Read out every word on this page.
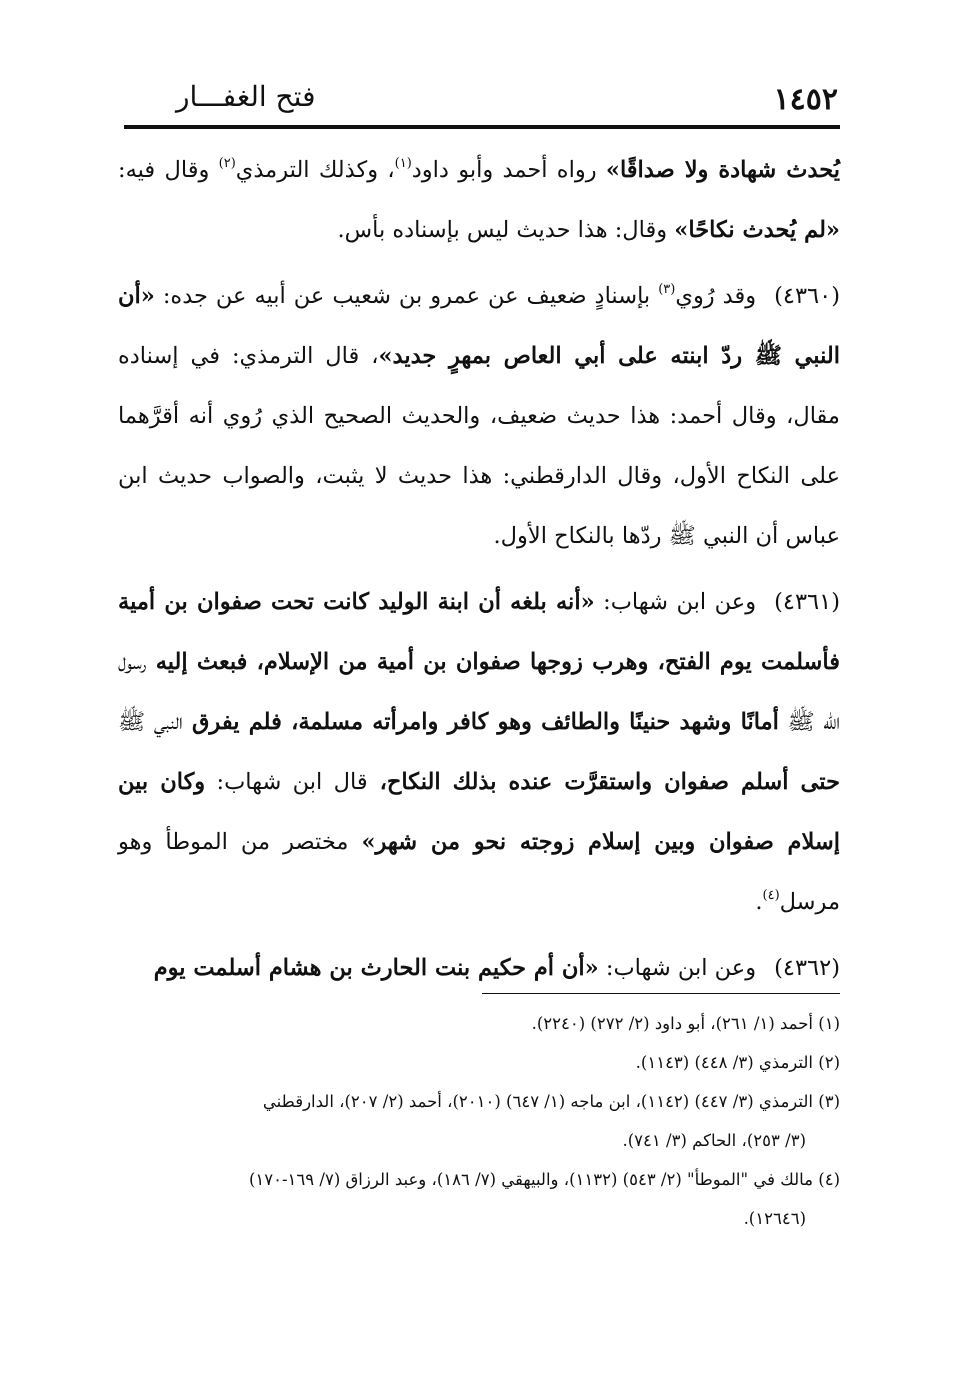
١٤٥٢
فتح الغفـــار

يُحدث شهادة ولا صداقًا» رواه أحمد وأبو داود$^{(١)}$، وكذلك الترمذي$^{(٢)}$ وقال فيه: «لم يُحدث نكاحًا» وقال: هذا حديث ليس بإسناده بأس.

(٤٣٦٠)وقد رُوي$^{(٣)}$ بإسنادٍ ضعيف عن عمرو بن شعيب عن أبيه عن جده: «أن النبي ﷺ ردّ ابنته على أبي العاص بمهرٍ جديد»، قال الترمذي: في إسناده مقال، وقال أحمد: هذا حديث ضعيف، والحديث الصحيح الذي رُوي أنه أقرَّهما على النكاح الأول، وقال الدارقطني: هذا حديث لا يثبت، والصواب حديث ابن عباس أن النبي ﷺ ردّها بالنكاح الأول.

(٤٣٦١)وعن ابن شهاب: «أنه بلغه أن ابنة الوليد كانت تحت صفوان بن أمية فأسلمت يوم الفتح، وهرب زوجها صفوان بن أمية من الإسلام، فبعث إليه رسول الله ﷺ أمانًا وشهد حنينًا والطائف وهو كافر وامرأته مسلمة، فلم يفرق النبي ﷺ حتى أسلم صفوان واستقرَّت عنده بذلك النكاح، قال ابن شهاب: وكان بين إسلام صفوان وبين إسلام زوجته نحو من شهر» مختصر من الموطأ وهو مرسل$^{(٤)}$.

(٤٣٦٢)وعن ابن شهاب: «أن أم حكيم بنت الحارث بن هشام أسلمت يوم

(١) أحمد (١/ ٢٦١)، أبو داود (٢/ ٢٧٢) (٢٢٤٠).

(٢) الترمذي (٣/ ٤٤٨) (١١٤٣).

(٣) الترمذي (٣/ ٤٤٧) (١١٤٢)، ابن ماجه (١/ ٦٤٧) (٢٠١٠)، أحمد (٢/ ٢٠٧)، الدارقطني

(٣/ ٢٥٣)، الحاكم (٣/ ٧٤١).

(٤) مالك في "الموطأ" (٢/ ٥٤٣) (١١٣٢)، والبيهقي (٧/ ١٨٦)، وعبد الرزاق (٧/ ١٦٩-١٧٠)

(١٢٦٤٦).
